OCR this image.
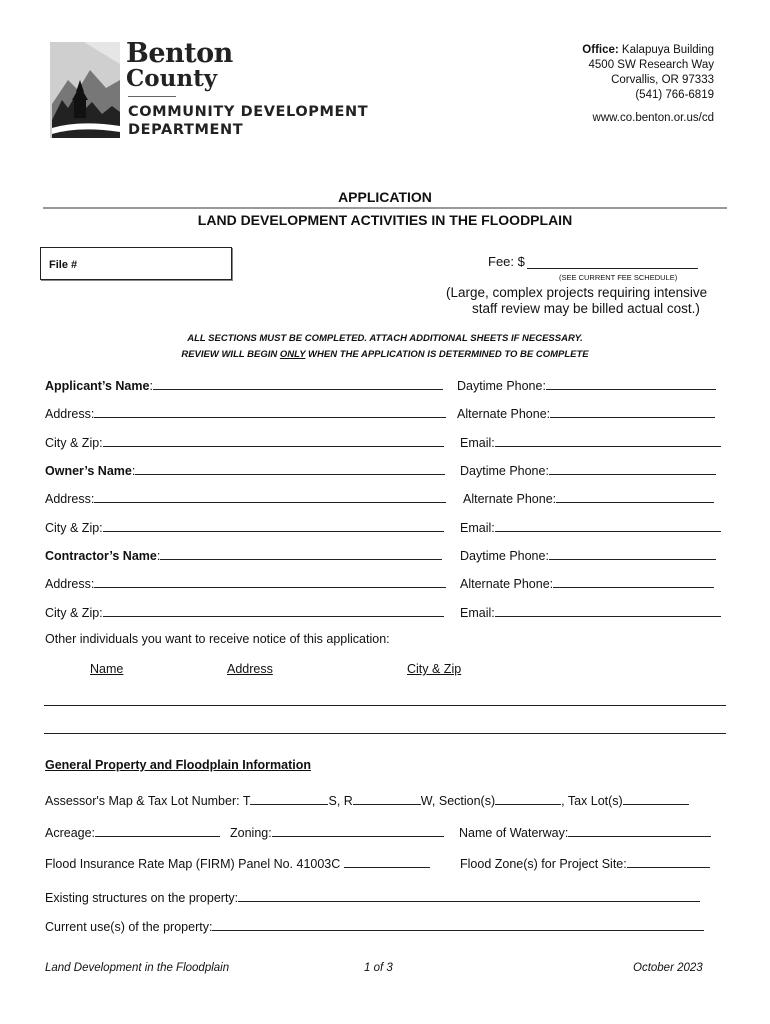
Benton
County
COMMUNITY DEVELOPMENT
DEPARTMENT
Office: Kalapuya Building
4500 SW Research Way
Corvallis, OR 97333
(541) 766-6819
www.co.benton.or.us/cd
APPLICATION
LAND DEVELOPMENT ACTIVITIES IN THE FLOODPLAIN
File #	Fee: $
(SEE CURRENT FEE SCHEDULE)
(Large, complex projects requiring intensive
staff review may be billed actual cost.)
ALL SECTIONS MUST BE COMPLETED. ATTACH ADDITIONAL SHEETS IF NECESSARY.
REVIEW WILL BEGIN ONLY WHEN THE APPLICATION IS DETERMINED TO BE COMPLETE
Applicant’s Name:	Daytime Phone:
Address:	Alternate Phone:
City & Zip:	Email:
Owner’s Name:	Daytime Phone:
Address:	Alternate Phone:
City & Zip:	Email:
Contractor’s Name:	Daytime Phone:
Address:	Alternate Phone:
City & Zip:	Email:
Other individuals you want to receive notice of this application:
Name	Address	City & Zip
General Property and Floodplain Information
Assessor's Map & Tax Lot Number: T	S, R	W, Section(s)	, Tax Lot(s)
Acreage:	Zoning:	Name of Waterway:
Flood Insurance Rate Map (FIRM) Panel No. 41003C	Flood Zone(s) for Project Site:
Existing structures on the property:
Current use(s) of the property:
Land Development in the Floodplain	1 of 3	October 2023
